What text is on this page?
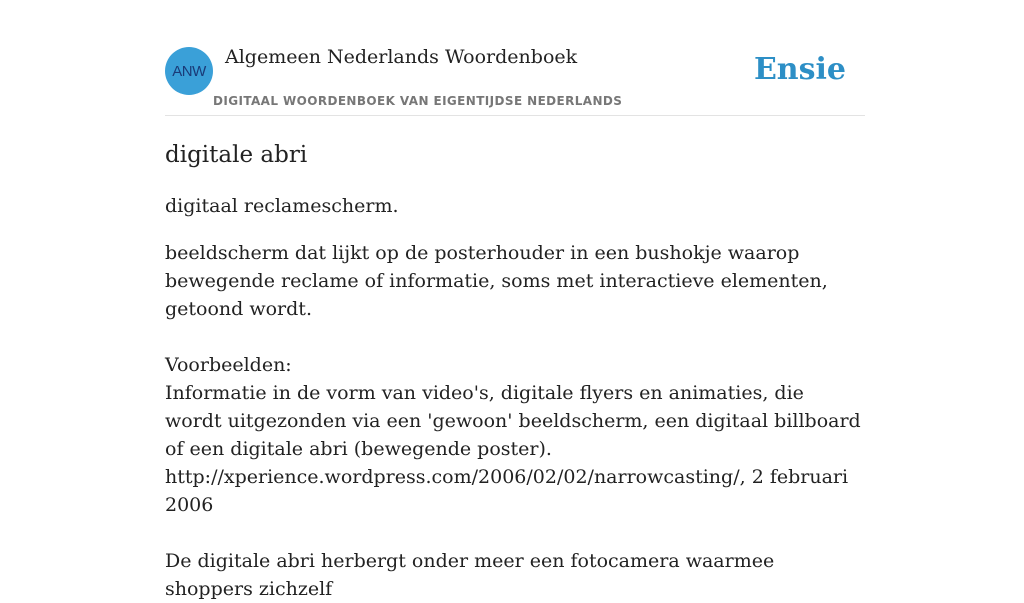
ANW
Algemeen Nederlands Woordenboek
DIGITAAL WOORDENBOEK VAN EIGENTIJDSE NEDERLANDS
Ensie
digitale abri
digitaal reclamescherm.
beeldscherm dat lijkt op de posterhouder in een bushokje waarop bewegende reclame of informatie, soms met interactieve elementen, getoond wordt.
Voorbeelden:
Informatie in de vorm van video's, digitale flyers en animaties, die wordt uitgezonden via een 'gewoon' beeldscherm, een digitaal billboard of een digitale abri (bewegende poster).
http://xperience.wordpress.com/2006/02/02/narrowcasting/, 2 februari 2006
De digitale abri herbergt onder meer een fotocamera waarmee shoppers zichzelf
